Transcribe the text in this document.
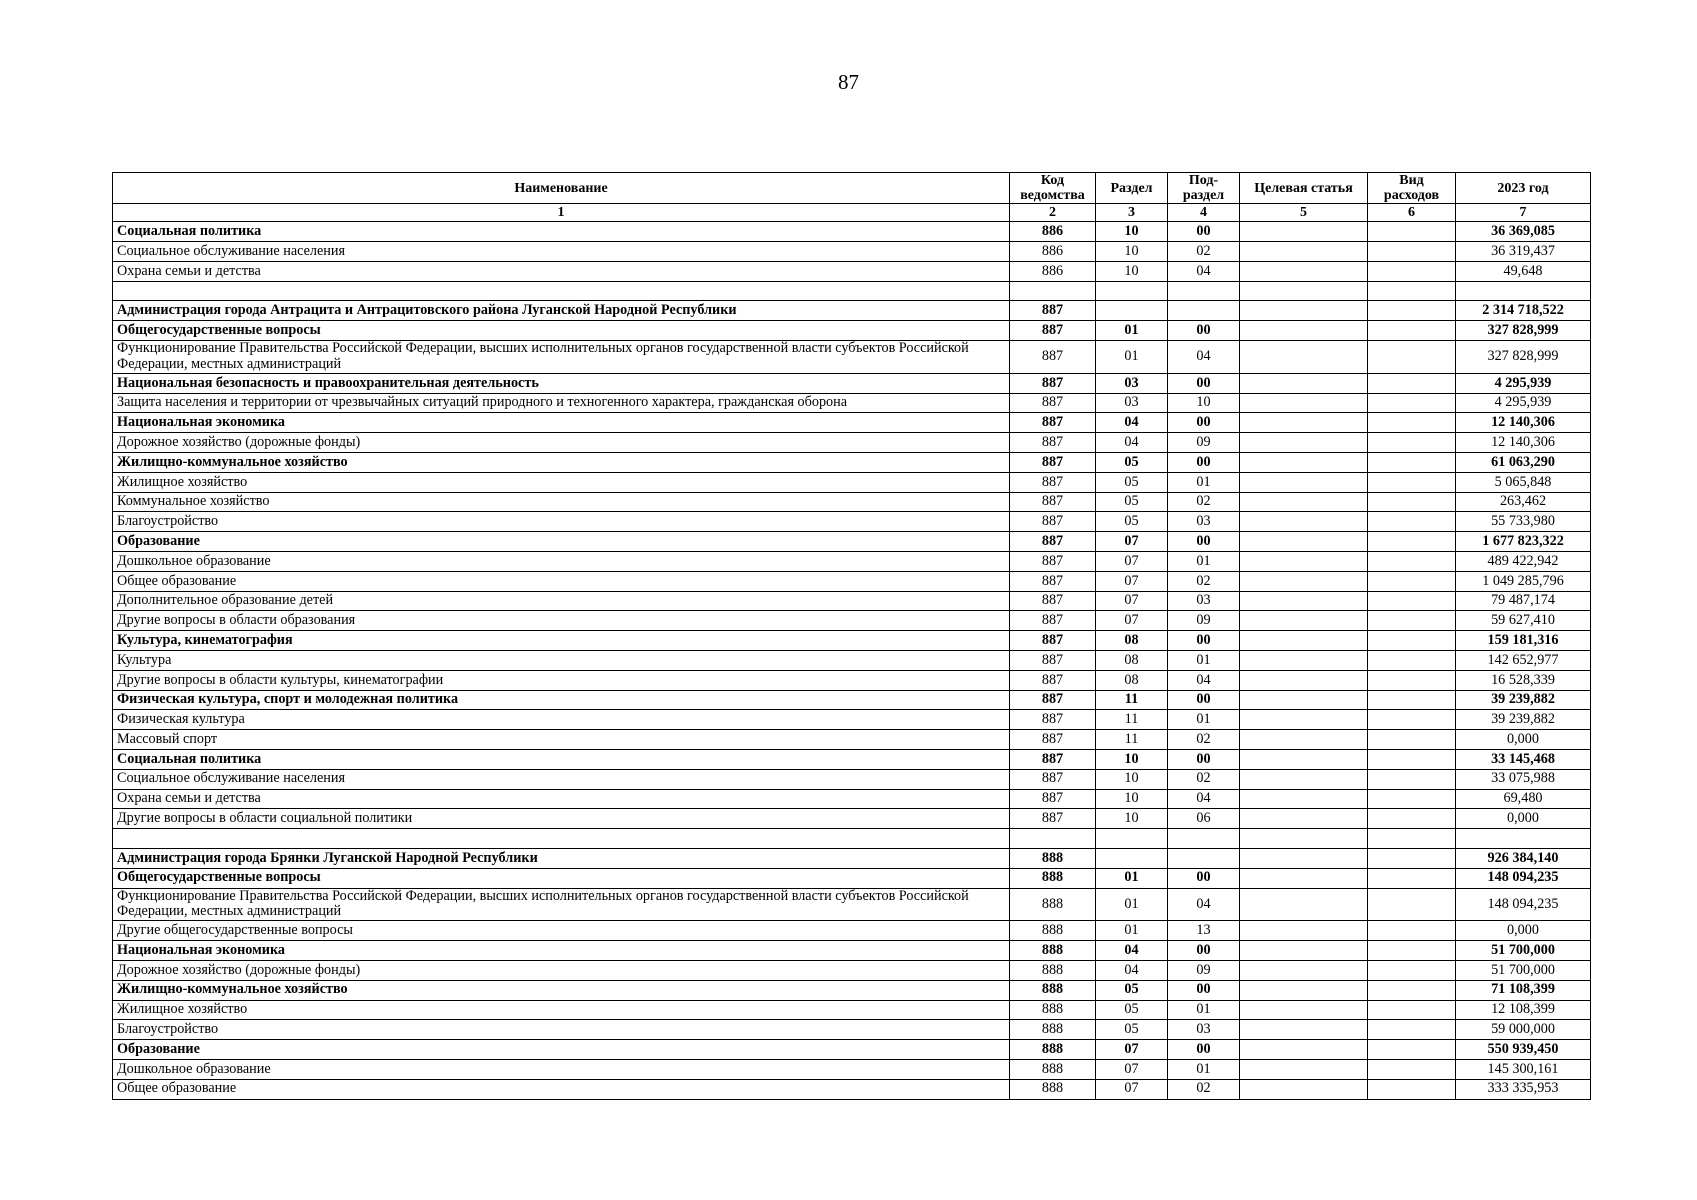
87
Наименование	Код ведомства	Раздел	Под-раздел	Целевая статья	Вид расходов	2023 год
1	2	3	4	5	6	7
Социальная политика	886	10	00			36 369,085
Социальное обслуживание населения	886	10	02			36 319,437
Охрана семьи и детства	886	10	04			49,648

Администрация города Антрацита и Антрацитовского района Луганской Народной Республики	887					2 314 718,522
Общегосударственные вопросы	887	01	00			327 828,999
Функционирование Правительства Российской Федерации, высших исполнительных органов государственной власти субъектов Российской Федерации, местных администраций	887	01	04			327 828,999
Национальная безопасность и правоохранительная деятельность	887	03	00			4 295,939
Защита населения и территории от чрезвычайных ситуаций природного и техногенного характера, гражданская оборона	887	03	10			4 295,939
Национальная экономика	887	04	00			12 140,306
Дорожное хозяйство (дорожные фонды)	887	04	09			12 140,306
Жилищно-коммунальное хозяйство	887	05	00			61 063,290
Жилищное хозяйство	887	05	01			5 065,848
Коммунальное хозяйство	887	05	02			263,462
Благоустройство	887	05	03			55 733,980
Образование	887	07	00			1 677 823,322
Дошкольное образование	887	07	01			489 422,942
Общее образование	887	07	02			1 049 285,796
Дополнительное образование детей	887	07	03			79 487,174
Другие вопросы в области образования	887	07	09			59 627,410
Культура, кинематография	887	08	00			159 181,316
Культура	887	08	01			142 652,977
Другие вопросы в области культуры, кинематографии	887	08	04			16 528,339
Физическая культура, спорт и молодежная политика	887	11	00			39 239,882
Физическая культура	887	11	01			39 239,882
Массовый спорт	887	11	02			0,000
Социальная политика	887	10	00			33 145,468
Социальное обслуживание населения	887	10	02			33 075,988
Охрана семьи и детства	887	10	04			69,480
Другие вопросы в области социальной политики	887	10	06			0,000

Администрация города Брянки Луганской Народной Республики	888					926 384,140
Общегосударственные вопросы	888	01	00			148 094,235
Функционирование Правительства Российской Федерации, высших исполнительных органов государственной власти субъектов Российской Федерации, местных администраций	888	01	04			148 094,235
Другие общегосударственные вопросы	888	01	13			0,000
Национальная экономика	888	04	00			51 700,000
Дорожное хозяйство (дорожные фонды)	888	04	09			51 700,000
Жилищно-коммунальное хозяйство	888	05	00			71 108,399
Жилищное хозяйство	888	05	01			12 108,399
Благоустройство	888	05	03			59 000,000
Образование	888	07	00			550 939,450
Дошкольное образование	888	07	01			145 300,161
Общее образование	888	07	02			333 335,953
